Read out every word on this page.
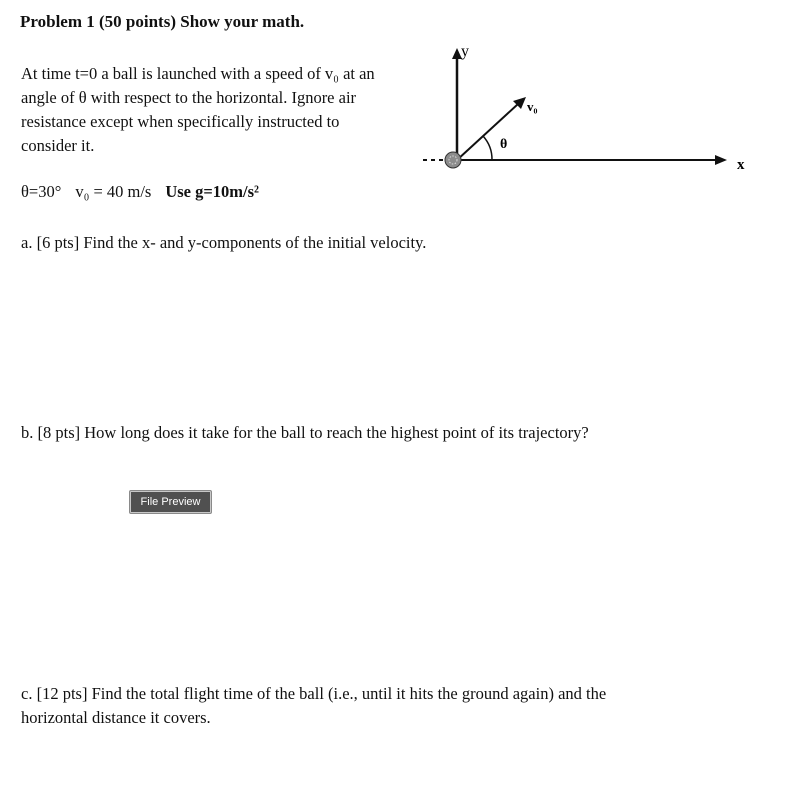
Problem 1 (50 points) Show your math.
At time t=0 a ball is launched with a speed of v₀ at an
angle of θ with respect to the horizontal. Ignore air
resistance except when specifically instructed to
consider it.
θ=30° v₀ = 40 m/s Use g=10m/s²
y
x
v₀
θ
a. [6 pts] Find the x- and y-components of the initial velocity.
b. [8 pts] How long does it take for the ball to reach the highest point of its trajectory?
File Preview
c. [12 pts] Find the total flight time of the ball (i.e., until it hits the ground again) and the
horizontal distance it covers.
